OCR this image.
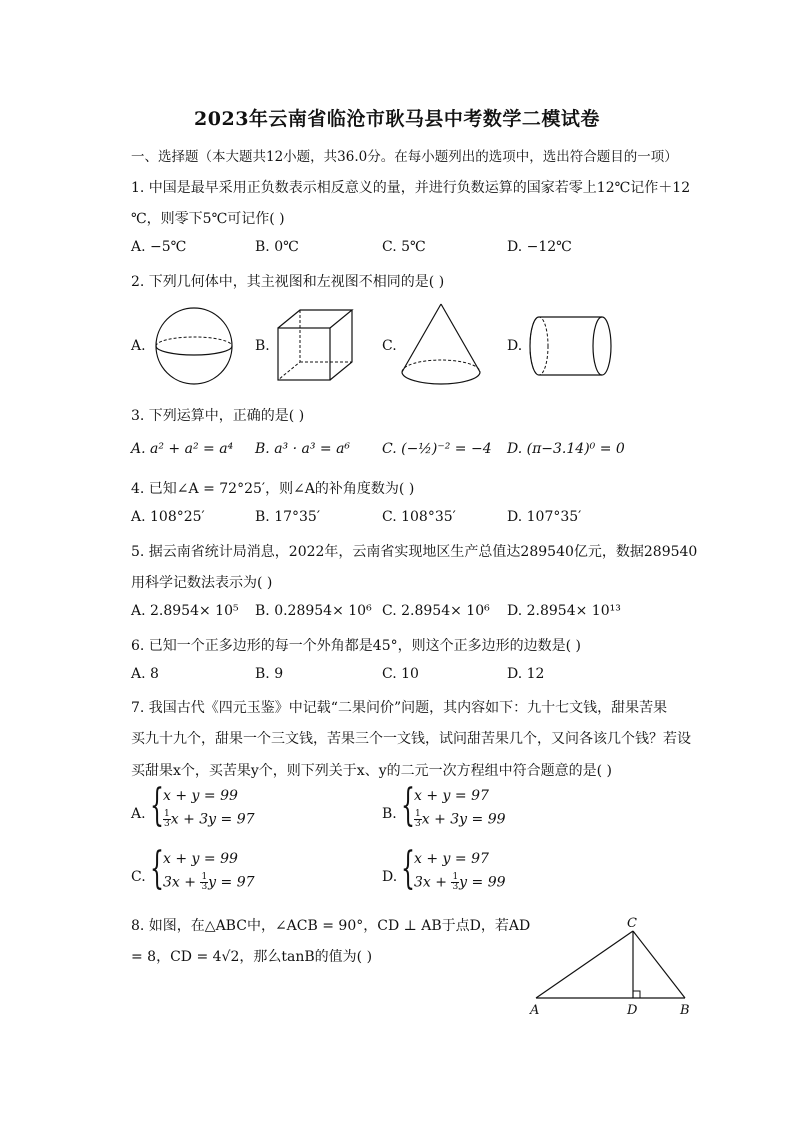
2023年云南省临沧市耿马县中考数学二模试卷
一、选择题（本大题共12小题，共36.0分。在每小题列出的选项中，选出符合题目的一项）
1. 中国是最早采用正负数表示相反意义的量，并进行负数运算的国家若零上12℃记作＋12
℃，则零下5℃可记作( )
A. −5℃	B. 0℃	C. 5℃	D. −12℃
2. 下列几何体中，其主视图和左视图不相同的是( )
A.	B.	C.	D.
3. 下列运算中，正确的是( )
A. a² + a² = a⁴ B. a³ · a³ = a⁶ C. (−½)⁻² = −4 D. (π−3.14)⁰ = 0
4. 已知∠A = 72°25′，则∠A的补角度数为( )
A. 108°25′	B. 17°35′	C. 108°35′	D. 107°35′
5. 据云南省统计局消息，2022年，云南省实现地区生产总值达289540亿元，数据289540
用科学记数法表示为( )
A. 2.8954× 10⁵ B. 0.28954× 10⁶ C. 2.8954× 10⁶ D. 2.8954× 10¹³
6. 已知一个正多边形的每一个外角都是45°，则这个正多边形的边数是( )
A. 8	B. 9	C. 10	D. 12
7. 我国古代《四元玉鉴》中记载“二果问价”问题，其内容如下：九十七文钱，甜果苦果
买九十九个，甜果一个三文钱，苦果三个一文钱，试问甜苦果几个，又问各该几个钱？若设
买甜果x个，买苦果y个，则下列关于x、y的二元一次方程组中符合题意的是( )
A. { x + y = 99
$\frac{1}{3}$ x + 3y = 97	B. { x + y = 97
$\frac{1}{3}$ x + 3y = 99
C. { x + y = 99
$3x + \frac{1}{3}$ y = 97	D. { x + y = 97
$3x + \frac{1}{3}$ y = 99
8. 如图，在△ABC中，∠ACB = 90°，CD ⊥ AB于点D，若AD
= 8，CD = 4√2，那么tanB的值为( )
A	B
C
D
